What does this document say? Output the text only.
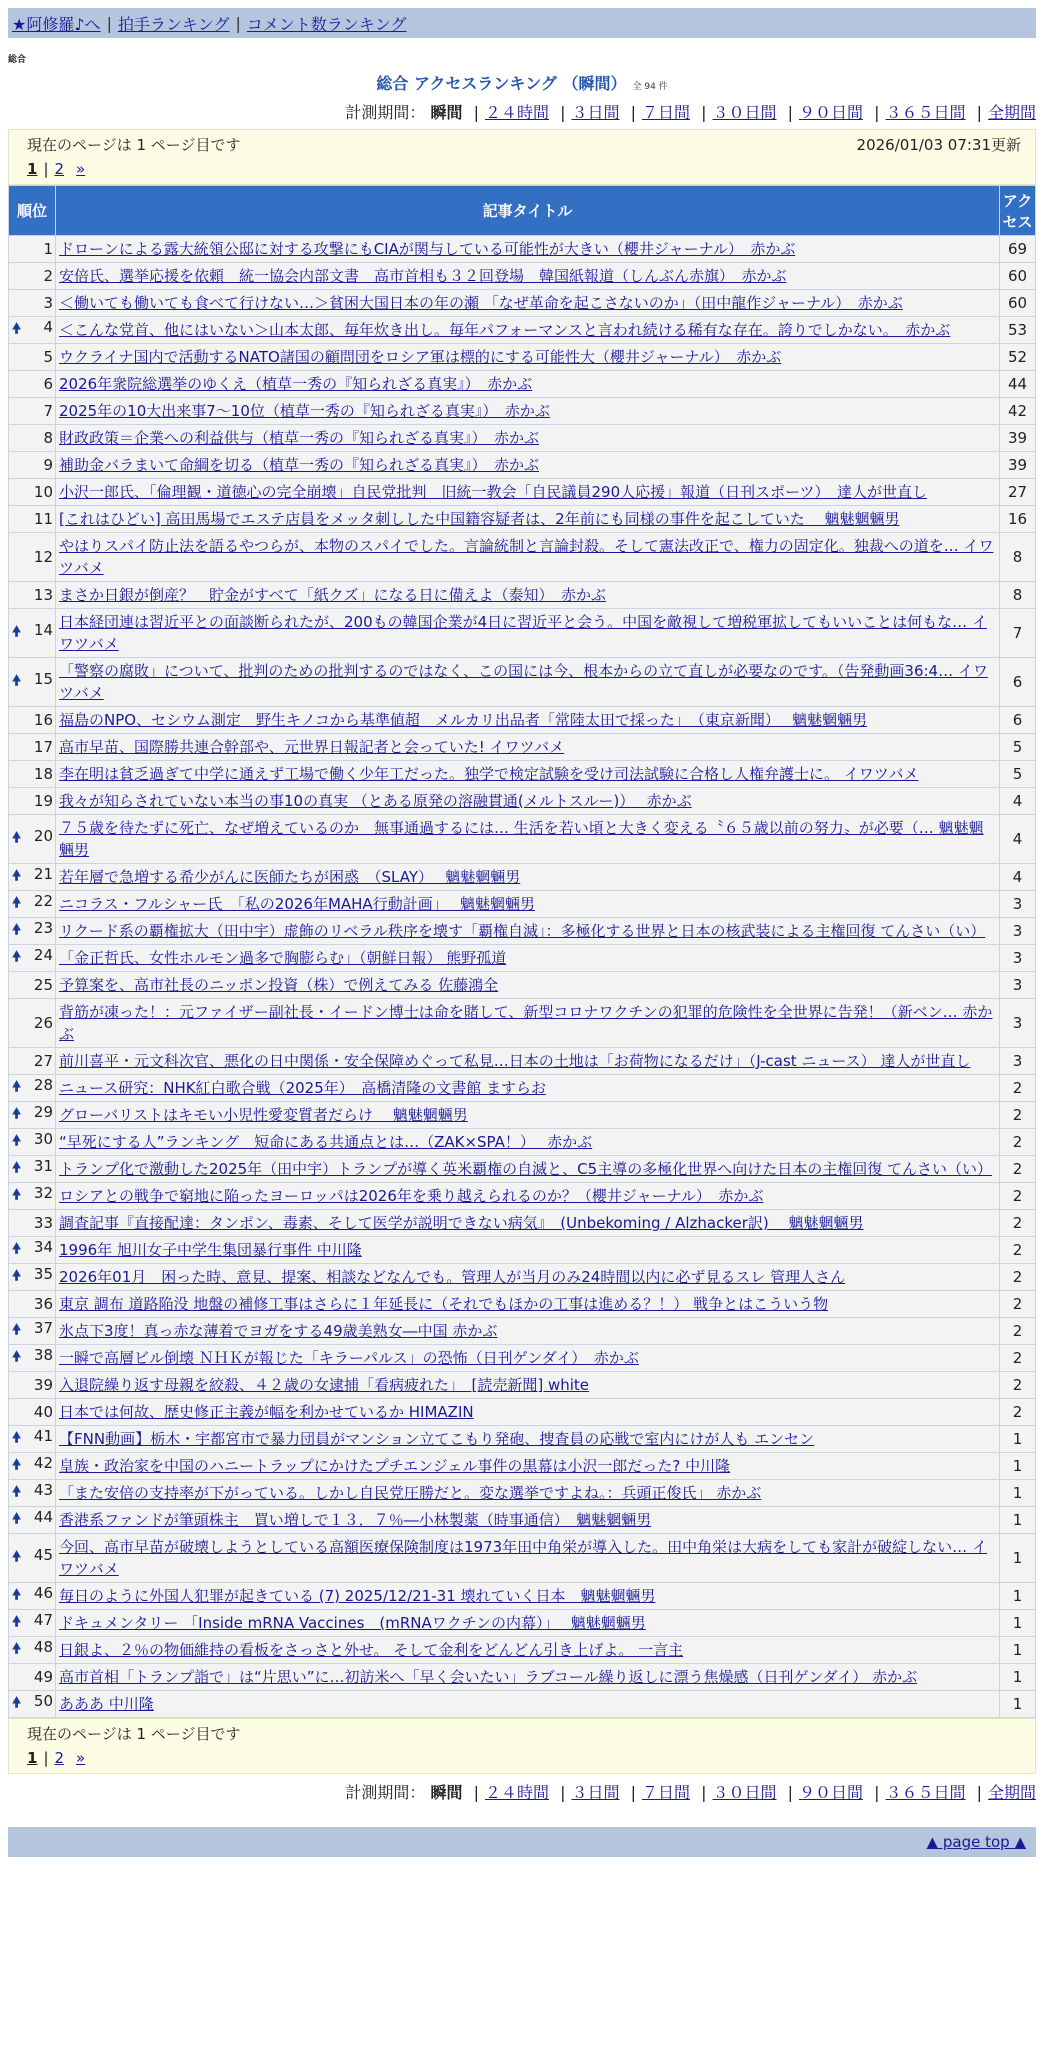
★阿修羅♪へ | 拍手ランキング | コメント数ランキング
総合
総合 アクセスランキング （瞬間） 全 94 件
計測期間： 瞬間 | ２４時間 | ３日間 | ７日間 | ３０日間 | ９０日間 | ３６５日間 | 全期間
現在のページは 1 ページ目です	2026/01/03 07:31更新
1 | 2 »
順位	記事タイトル	アクセス
1	ドローンによる露大統領公邸に対する攻撃にもCIAが関与している可能性が大きい（櫻井ジャーナル）　赤かぶ	69
2	安倍氏、選挙応援を依頼　統一協会内部文書　高市首相も３２回登場　韓国紙報道（しんぶん赤旗）　赤かぶ	60
3	＜働いても働いても食べて行けない…＞貧困大国日本の年の瀬 「なぜ革命を起こさないのか」（田中龍作ジャーナル）　赤かぶ	60

🠝 4	＜こんな党首、他にはいない＞山本太郎、毎年炊き出し。毎年パフォーマンスと言われ続ける稀有な存在。誇りでしかない。　赤かぶ	53
5	ウクライナ国内で活動するNATO諸国の顧問団をロシア軍は標的にする可能性大（櫻井ジャーナル）　赤かぶ	52
6	2026年衆院総選挙のゆくえ（植草一秀の『知られざる真実』）　赤かぶ	44
7	2025年の10大出来事7〜10位（植草一秀の『知られざる真実』）　赤かぶ	42
8	財政政策＝企業への利益供与（植草一秀の『知られざる真実』）　赤かぶ	39
9	補助金バラまいて命綱を切る（植草一秀の『知られざる真実』）　赤かぶ	39
10	小沢一郎氏、「倫理観・道徳心の完全崩壊」自民党批判　旧統一教会「自民議員290人応援」報道（日刊スポーツ）　達人が世直し	27
11	[これはひどい] 高田馬場でエステ店員をメッタ刺しした中国籍容疑者は、2年前にも同様の事件を起こしていた　 魑魅魍魎男	16
12	やはりスパイ防止法を語るやつらが、本物のスパイでした。言論統制と言論封殺。そして憲法改正で、権力の固定化。独裁への道を… イワツバメ	8
13	まさか日銀が倒産？　貯金がすべて「紙クズ」になる日に備えよ（泰知）　赤かぶ	8

🠝 14	日本経団連は習近平との面談断られたが、200もの韓国企業が4日に習近平と会う。中国を敵視して増税軍拡してもいいことは何もな… イワツバメ	7

🠝 15	「警察の腐敗」について、批判のための批判するのではなく、この国には今、根本からの立て直しが必要なのです。（告発動画36:4… イワツバメ	6
16	福島のNPO、セシウム測定　野生キノコから基準値超　メルカリ出品者「常陸太田で採った」　（東京新聞）　 魑魅魍魎男	6
17	高市早苗、国際勝共連合幹部や、元世界日報記者と会っていた! イワツバメ	5
18	李在明は貧乏過ぎて中学に通えず工場で働く少年工だった。独学で検定試験を受け司法試験に合格し人権弁護士に。 イワツバメ	5
19	我々が知らされていない本当の事10の真実 （とある原発の溶融貫通(メルトスルー)）　 赤かぶ	4

🠝 20	７５歳を待たずに死亡、なぜ増えているのか　無事通過するには… 生活を若い頃と大きく変える〝６５歳以前の努力〟が必要（… 魑魅魍魎男	4

🠝 21	若年層で急増する希少がんに医師たちが困惑　（SLAY）　 魑魅魍魎男	4

🠝 22	ニコラス・フルシャー氏　「私の2026年MAHA行動計画」　 魑魅魍魎男	3

🠝 23	リクード系の覇権拡大（田中宇）虚飾のリベラル秩序を壊す「覇権自滅」：多極化する世界と日本の核武装による主権回復 てんさい（い）	3

🠝 24	「金正哲氏、女性ホルモン過多で胸膨らむ」（朝鮮日報） 熊野孤道	3
25	予算案を、高市社長のニッポン投資（株）で例えてみる 佐藤鴻全	3
26	背筋が凍った！：元ファイザー副社長・イードン博士は命を賭して、新型コロナワクチンの犯罪的危険性を全世界に告発！（新ベン… 赤かぶ	3
27	前川喜平・元文科次官、悪化の日中関係・安全保障めぐって私見…日本の土地は「お荷物になるだけ」（J-cast ニュース） 達人が世直し	3

🠝 28	ニュース研究：NHK紅白歌合戦（2025年）　高橋清隆の文書館 ますらお	2

🠝 29	グローバリストはキモい小児性愛変質者だらけ　 魑魅魍魎男	2

🠝 30	“早死にする人”ランキング　短命にある共通点とは…（ZAK×SPA！）　 赤かぶ	2

🠝 31	トランプ化で激動した2025年（田中宇）トランプが導く英米覇権の自滅と、C5主導の多極化世界へ向けた日本の主権回復 てんさい（い）	2

🠝 32	ロシアとの戦争で窮地に陥ったヨーロッパは2026年を乗り越えられるのか？（櫻井ジャーナル）　赤かぶ	2
33	調査記事『直接配達：タンポン、毒素、そして医学が説明できない病気』　(Unbekoming / Alzhacker訳)　 魑魅魍魎男	2

🠝 34	1996年 旭川女子中学生集団暴行事件 中川隆	2

🠝 35	2026年01月　困った時、意見、提案、相談などなんでも。管理人が当月のみ24時間以内に必ず見るスレ 管理人さん	2
36	東京 調布 道路陥没 地盤の補修工事はさらに１年延長に（それでもほかの工事は進める？！） 戦争とはこういう物	2

🠝 37	氷点下3度！真っ赤な薄着でヨガをする49歳美熟女―中国 赤かぶ	2

🠝 38	一瞬で高層ビル倒壊 ＮＨＫが報じた「キラーパルス」の恐怖（日刊ゲンダイ）　赤かぶ	2
39	入退院繰り返す母親を絞殺、４２歳の女逮捕「看病疲れた」　[読売新聞] white	2
40	日本では何故、歴史修正主義が幅を利かせているか HIMAZIN	2

🠝 41	【FNN動画】栃木・宇都宮市で暴力団員がマンション立てこもり発砲、捜査員の応戦で室内にけが人も エンセン	1

🠝 42	皇族・政治家を中国のハニートラップにかけたプチエンジェル事件の黒幕は小沢一郎だった? 中川隆	1

🠝 43	「また安倍の支持率が下がっている。しかし自民党圧勝だと。変な選挙ですよね。：兵頭正俊氏」 赤かぶ	1

🠝 44	香港系ファンドが筆頭株主　買い増しで１３．７％―小林製薬（時事通信）　魑魅魍魎男	1

🠝 45	今回、高市早苗が破壊しようとしている高額医療保険制度は1973年田中角栄が導入した。田中角栄は大病をしても家計が破綻しない… イワツバメ	1

🠝 46	毎日のように外国人犯罪が起きている (7) 2025/12/21-31 壊れていく日本　魑魅魍魎男	1

🠝 47	ドキュメンタリー 「Inside mRNA Vaccines　(mRNAワクチンの内幕）」　 魑魅魍魎男	1

🠝 48	日銀よ、２％の物価維持の看板をさっさと外せ。 そして金利をどんどん引き上げよ。 一言主	1
49	高市首相「トランプ詣で」は“片思い”に…初訪米へ「早く会いたい」ラブコール繰り返しに漂う焦燥感（日刊ゲンダイ） 赤かぶ	1

🠝 50	あああ 中川隆	1
現在のページは 1 ページ目です
1 | 2 »
計測期間： 瞬間 | ２４時間 | ３日間 | ７日間 | ３０日間 | ９０日間 | ３６５日間 | 全期間
▲ page top ▲
